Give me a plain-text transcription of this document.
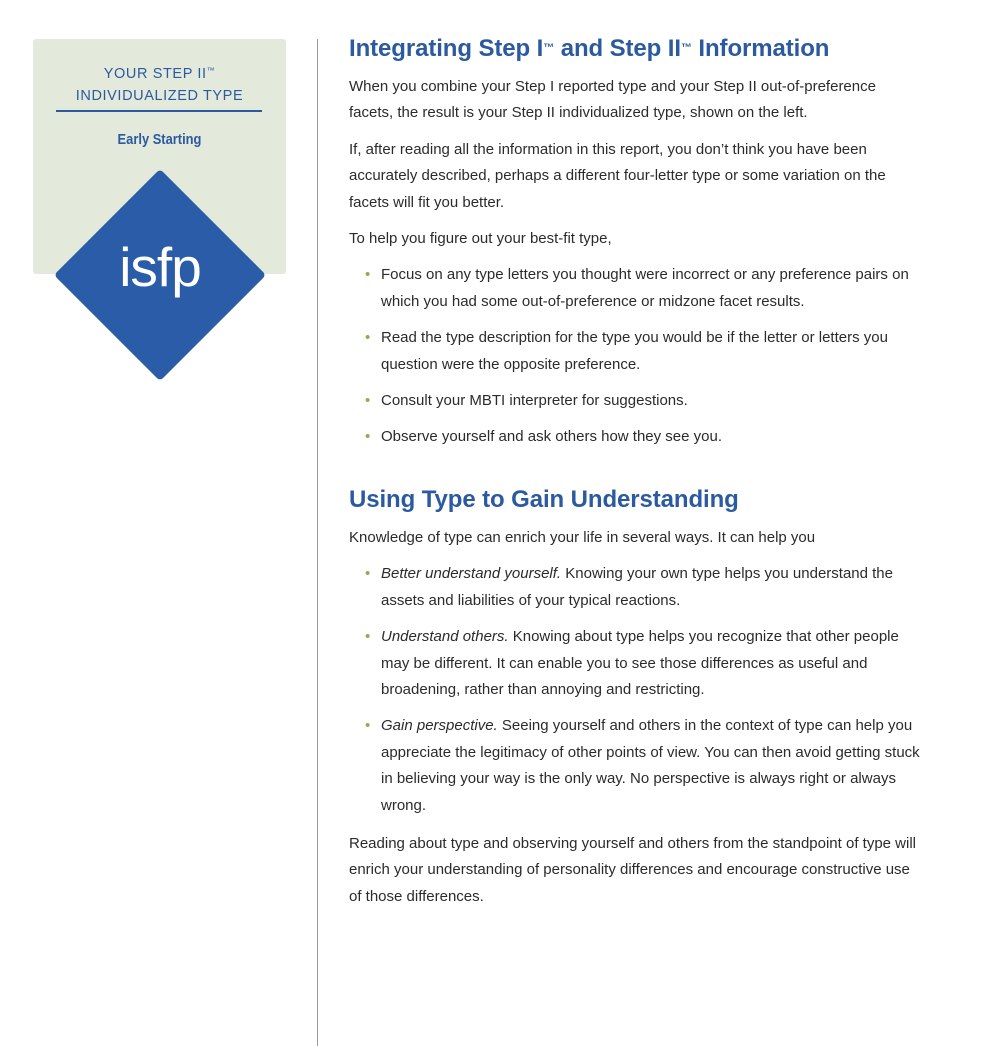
YOUR STEP II™
INDIVIDUALIZED TYPE
Early Starting
isfp
Integrating Step I™ and Step II™ Information

When you combine your Step I reported type and your Step II out-of-preference facets, the result is your Step II individualized type, shown on the left.

If, after reading all the information in this report, you don’t think you have been accurately described, perhaps a different four-letter type or some variation on the facets will fit you better.

To help you figure out your best-fit type,

• Focus on any type letters you thought were incorrect or any preference pairs on which you had some out-of-preference or midzone facet results.
• Read the type description for the type you would be if the letter or letters you question were the opposite preference.
• Consult your MBTI interpreter for suggestions.
• Observe yourself and ask others how they see you.
Using Type to Gain Understanding

Knowledge of type can enrich your life in several ways. It can help you

• Better understand yourself. Knowing your own type helps you understand the assets and liabilities of your typical reactions.
• Understand others. Knowing about type helps you recognize that other people may be different. It can enable you to see those differences as useful and broadening, rather than annoying and restricting.
• Gain perspective. Seeing yourself and others in the context of type can help you appreciate the legitimacy of other points of view. You can then avoid getting stuck in believing your way is the only way. No perspective is always right or always wrong.

Reading about type and observing yourself and others from the standpoint of type will enrich your understanding of personality differences and encourage constructive use of those differences.
